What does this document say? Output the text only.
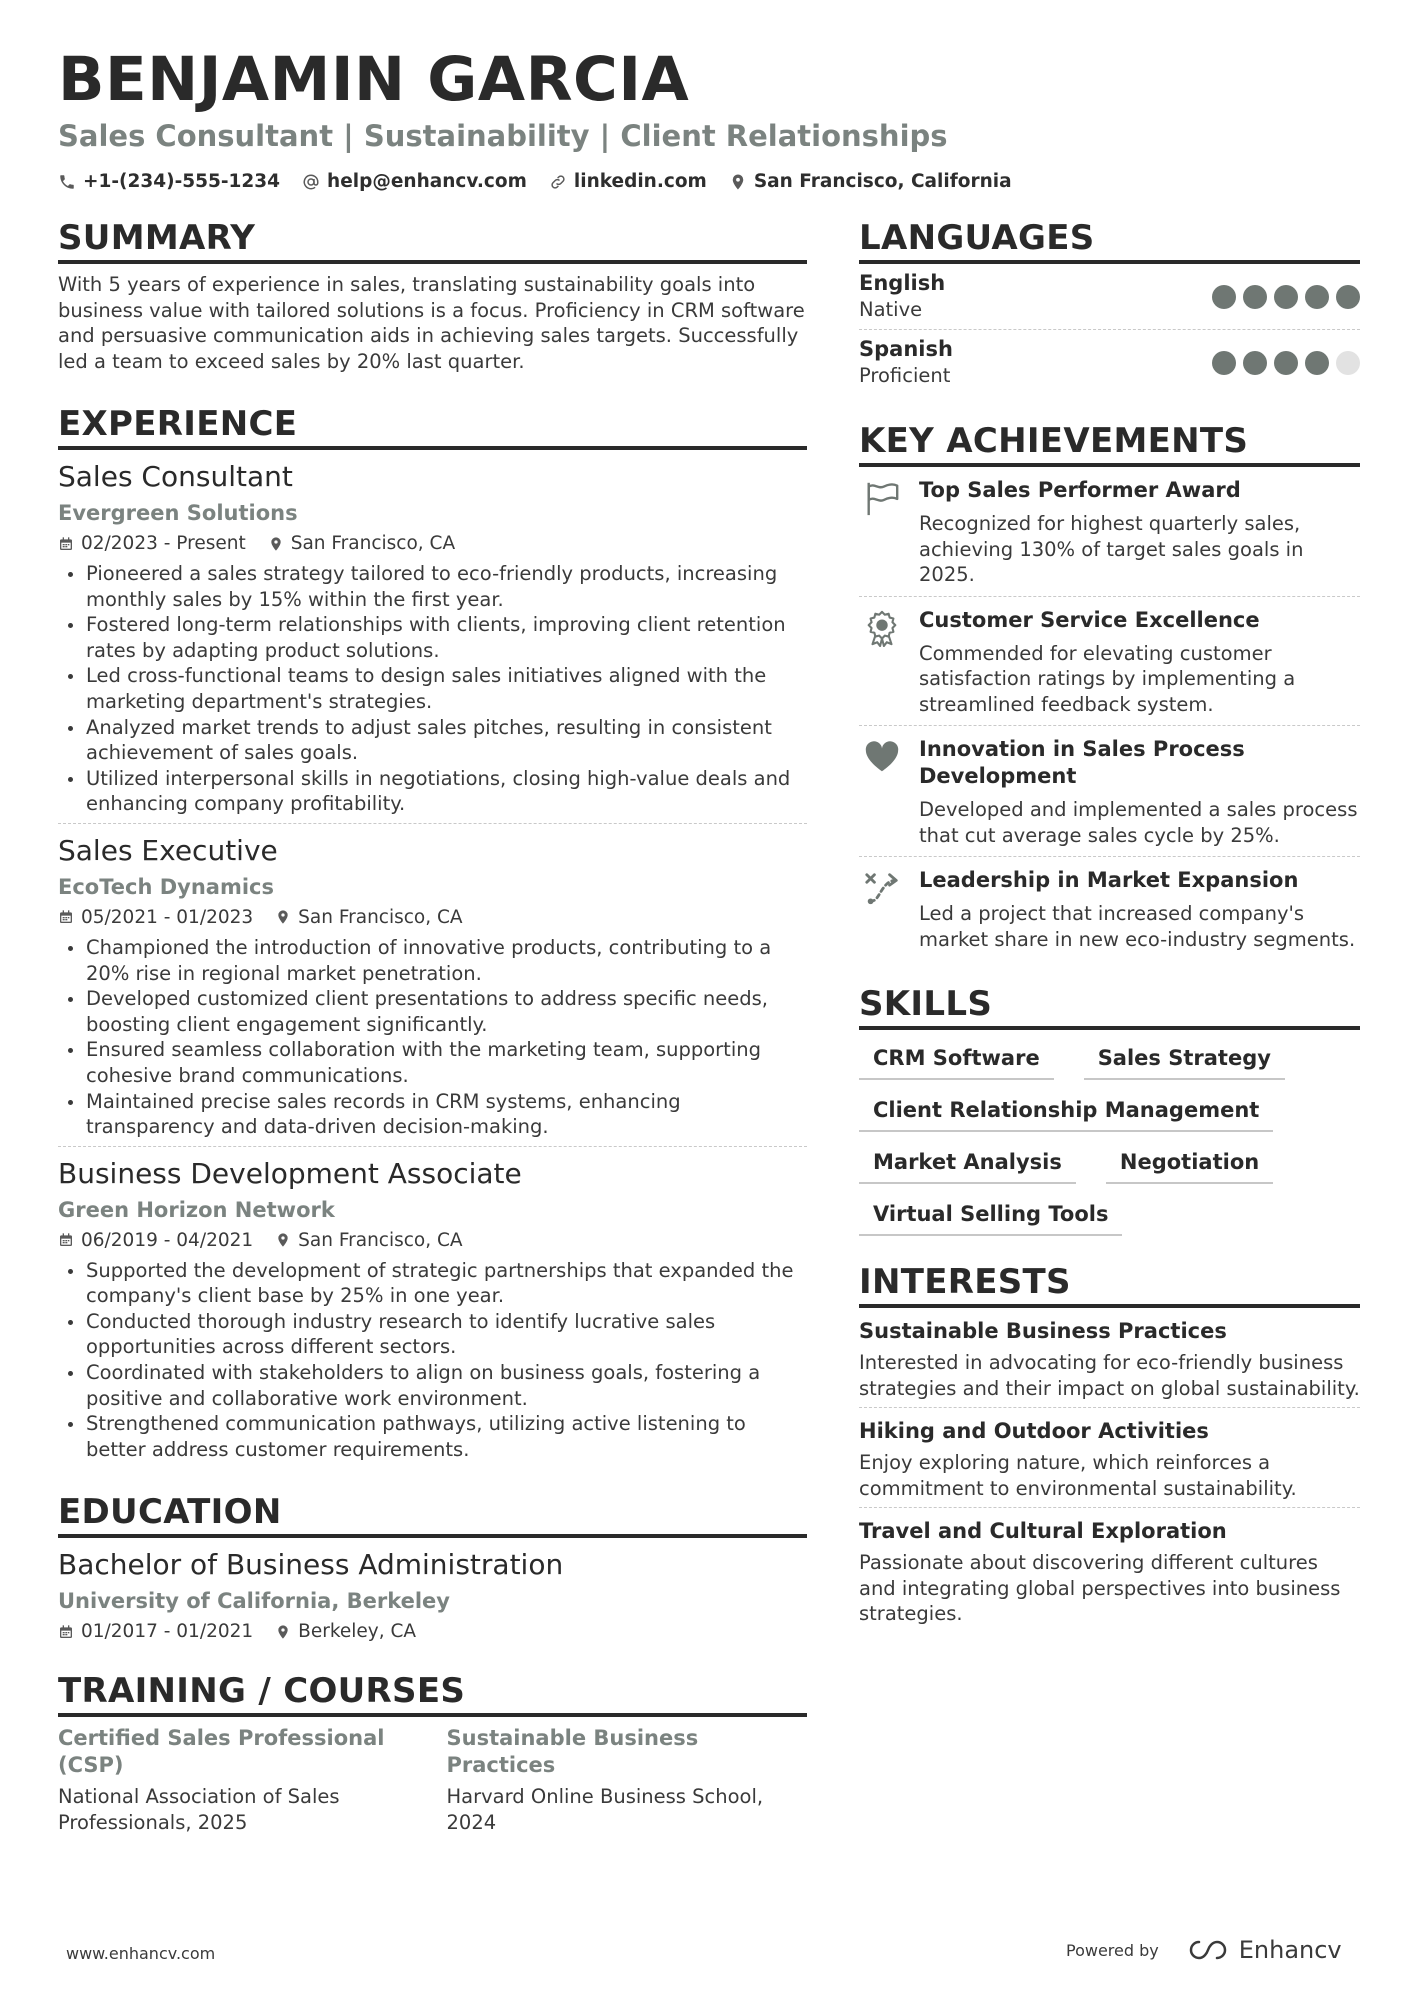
BENJAMIN GARCIA
Sales Consultant | Sustainability | Client Relationships
+1-(234)-555-1234	help@enhancv.com	linkedin.com	San Francisco, California
SUMMARY
With 5 years of experience in sales, translating sustainability goals into business value with tailored solutions is a focus. Proficiency in CRM software and persuasive communication aids in achieving sales targets. Successfully led a team to exceed sales by 20% last quarter.
EXPERIENCE
Sales Consultant
Evergreen Solutions
02/2023 - Present San Francisco, CA
Pioneered a sales strategy tailored to eco-friendly products, increasing monthly sales by 15% within the first year.
Fostered long-term relationships with clients, improving client retention rates by adapting product solutions.
Led cross-functional teams to design sales initiatives aligned with the marketing department's strategies.
Analyzed market trends to adjust sales pitches, resulting in consistent achievement of sales goals.
Utilized interpersonal skills in negotiations, closing high-value deals and enhancing company profitability.
Sales Executive
EcoTech Dynamics
05/2021 - 01/2023 San Francisco, CA
Championed the introduction of innovative products, contributing to a 20% rise in regional market penetration.
Developed customized client presentations to address specific needs, boosting client engagement significantly.
Ensured seamless collaboration with the marketing team, supporting cohesive brand communications.
Maintained precise sales records in CRM systems, enhancing transparency and data-driven decision-making.
Business Development Associate
Green Horizon Network
06/2019 - 04/2021 San Francisco, CA
Supported the development of strategic partnerships that expanded the company's client base by 25% in one year.
Conducted thorough industry research to identify lucrative sales opportunities across different sectors.
Coordinated with stakeholders to align on business goals, fostering a positive and collaborative work environment.
Strengthened communication pathways, utilizing active listening to better address customer requirements.
EDUCATION
Bachelor of Business Administration
University of California, Berkeley
01/2017 - 01/2021 Berkeley, CA
TRAINING / COURSES
Certified Sales Professional (CSP)
National Association of Sales Professionals, 2025
Sustainable Business Practices
Harvard Online Business School, 2024
LANGUAGES
English
Native
Spanish
Proficient
KEY ACHIEVEMENTS
Top Sales Performer Award
Recognized for highest quarterly sales, achieving 130% of target sales goals in 2025.
Customer Service Excellence
Commended for elevating customer satisfaction ratings by implementing a streamlined feedback system.
Innovation in Sales Process Development
Developed and implemented a sales process that cut average sales cycle by 25%.
Leadership in Market Expansion
Led a project that increased company's market share in new eco-industry segments.
SKILLS
CRM Software	Sales Strategy
Client Relationship Management
Market Analysis	Negotiation
Virtual Selling Tools
INTERESTS
Sustainable Business Practices
Interested in advocating for eco-friendly business strategies and their impact on global sustainability.
Hiking and Outdoor Activities
Enjoy exploring nature, which reinforces a commitment to environmental sustainability.
Travel and Cultural Exploration
Passionate about discovering different cultures and integrating global perspectives into business strategies.
www.enhancv.com	Powered by	Enhancv
